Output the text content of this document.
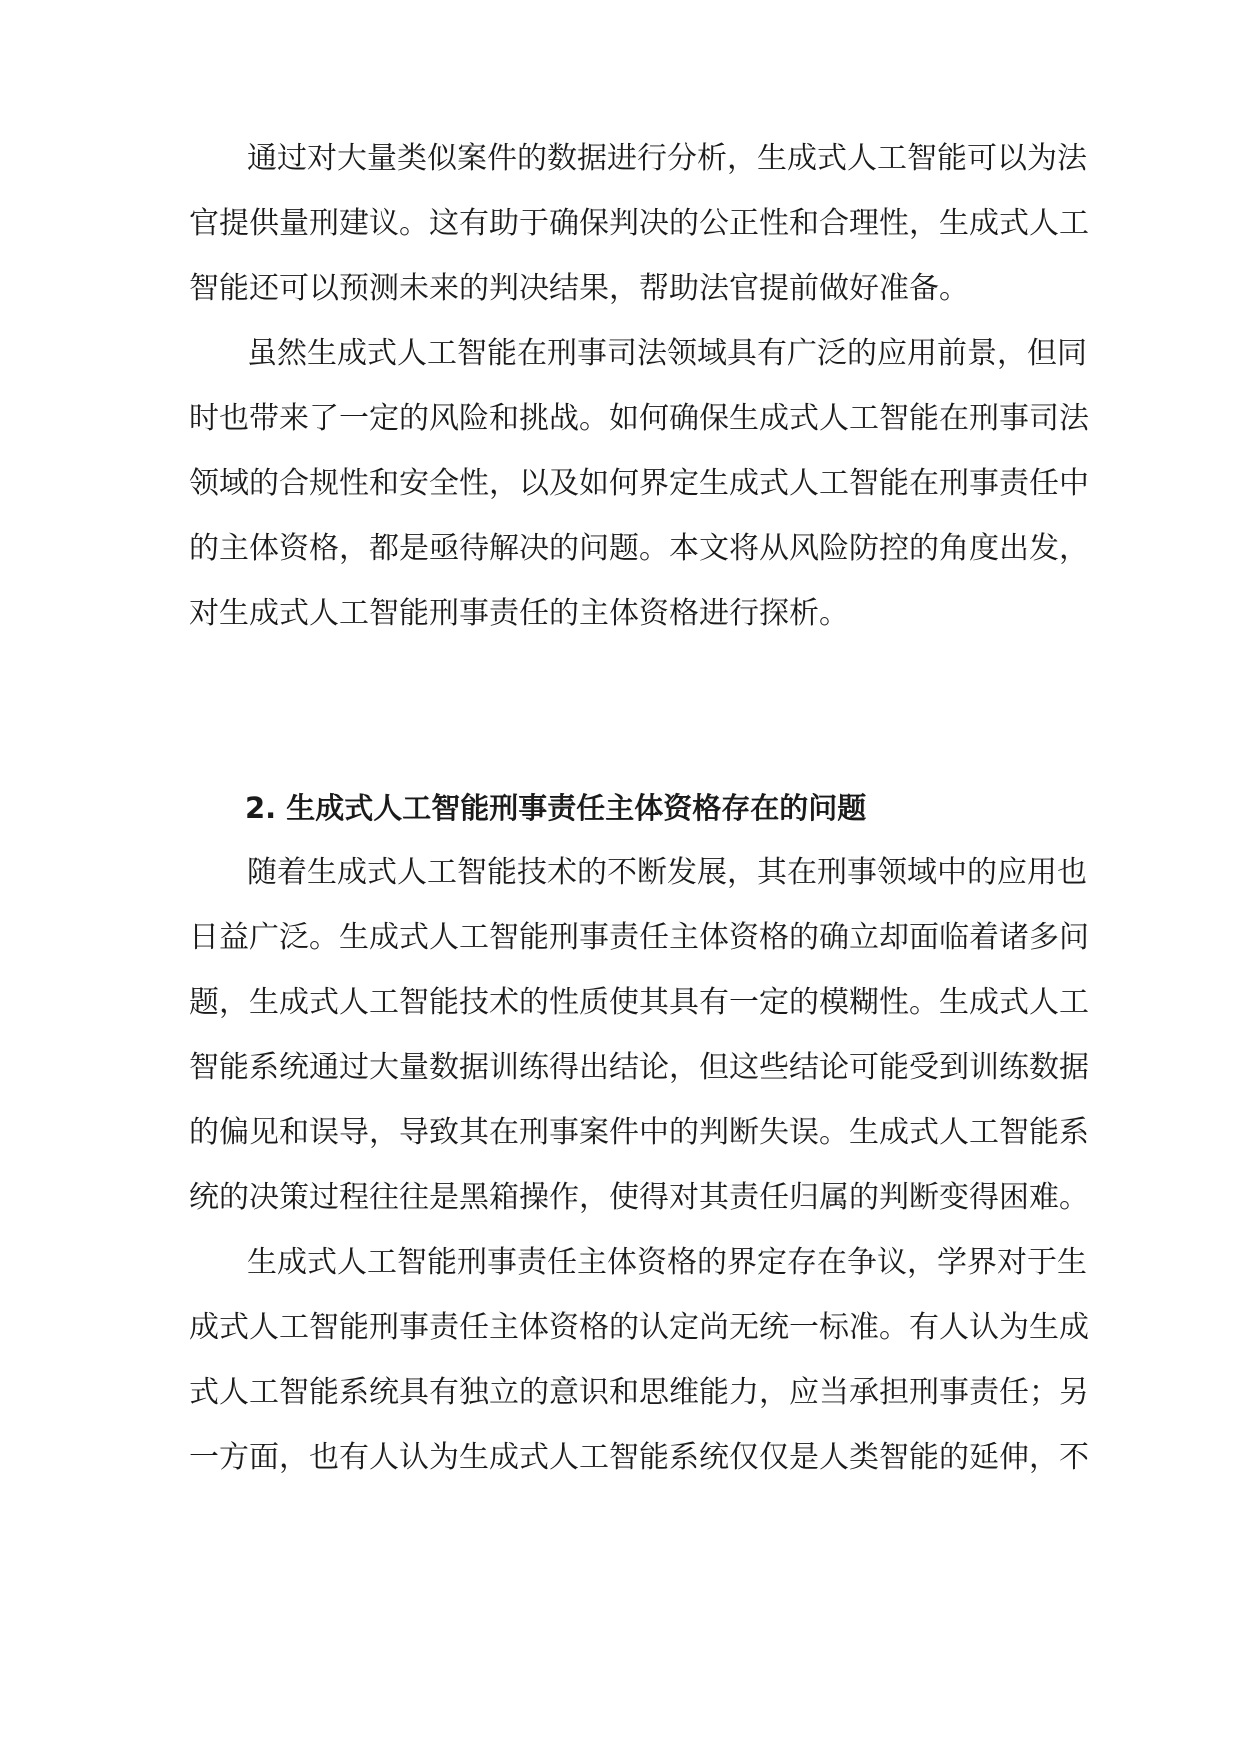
通过对大量类似案件的数据进行分析，生成式人工智能可以为法

官提供量刑建议。这有助于确保判决的公正性和合理性，生成式人工

智能还可以预测未来的判决结果，帮助法官提前做好准备。

虽然生成式人工智能在刑事司法领域具有广泛的应用前景，但同

时也带来了一定的风险和挑战。如何确保生成式人工智能在刑事司法

领域的合规性和安全性，以及如何界定生成式人工智能在刑事责任中

的主体资格，都是亟待解决的问题。本文将从风险防控的角度出发，

对生成式人工智能刑事责任的主体资格进行探析。

2. 生成式人工智能刑事责任主体资格存在的问题

随着生成式人工智能技术的不断发展，其在刑事领域中的应用也

日益广泛。生成式人工智能刑事责任主体资格的确立却面临着诸多问

题，生成式人工智能技术的性质使其具有一定的模糊性。生成式人工

智能系统通过大量数据训练得出结论，但这些结论可能受到训练数据

的偏见和误导，导致其在刑事案件中的判断失误。生成式人工智能系

统的决策过程往往是黑箱操作，使得对其责任归属的判断变得困难。

生成式人工智能刑事责任主体资格的界定存在争议，学界对于生

成式人工智能刑事责任主体资格的认定尚无统一标准。有人认为生成

式人工智能系统具有独立的意识和思维能力，应当承担刑事责任；另

一方面，也有人认为生成式人工智能系统仅仅是人类智能的延伸，不
